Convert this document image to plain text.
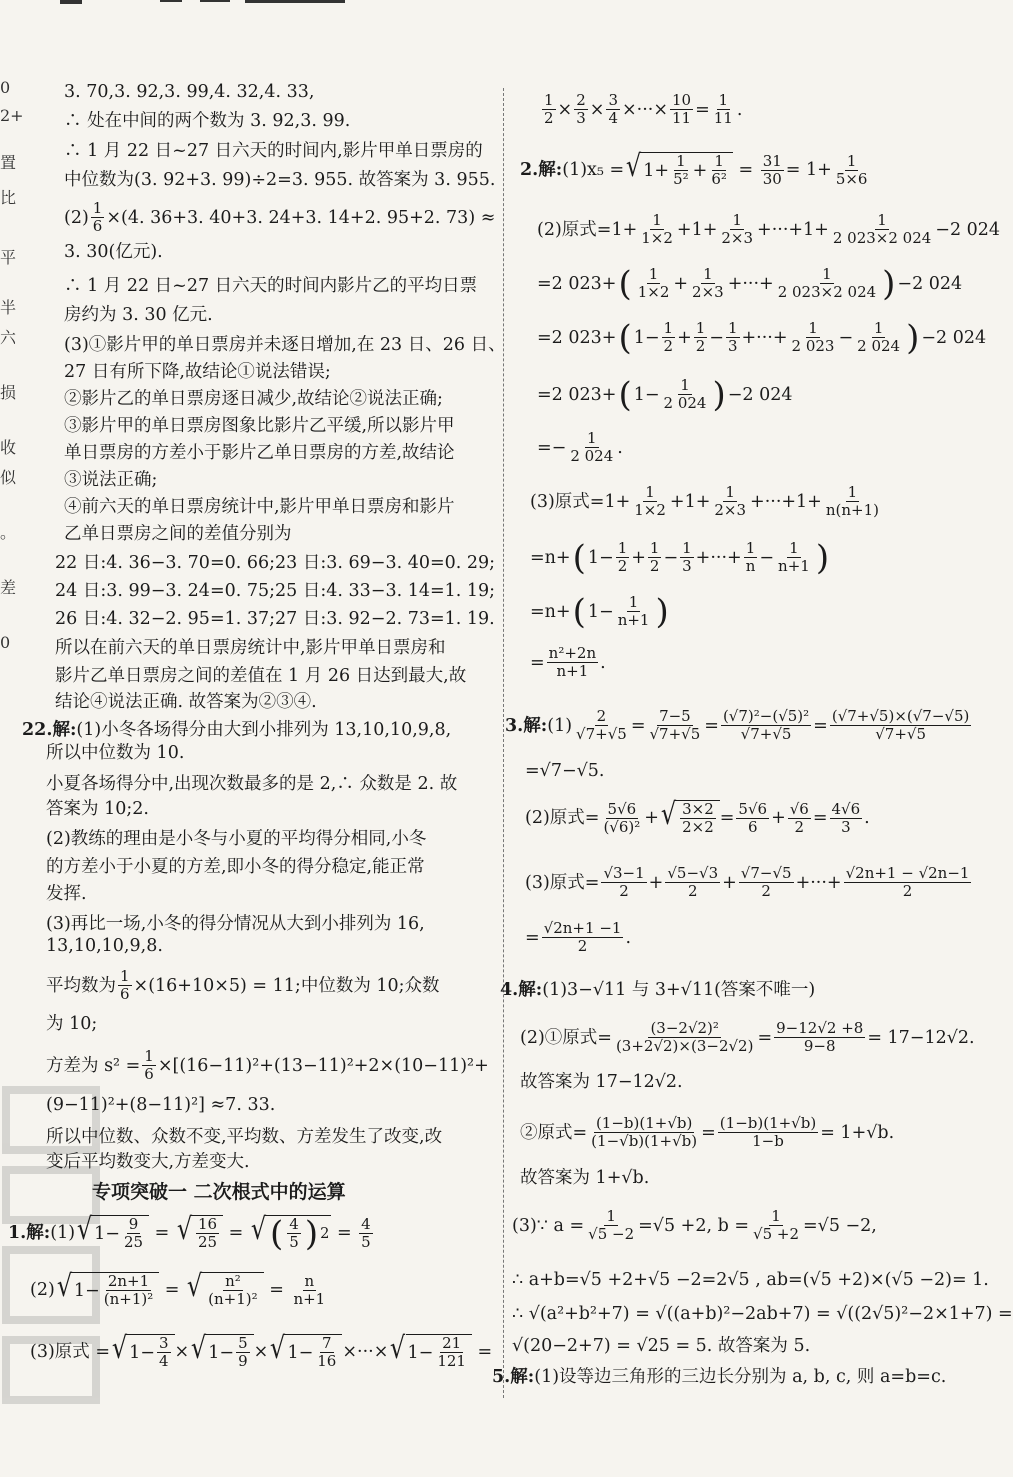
0
2+
置
比
平
半
六
损
收
似
。
差
0
3. 70,3. 92,3. 99,4. 32,4. 33,
∴ 处在中间的两个数为 3. 92,3. 99.
∴ 1 月 22 日~27 日六天的时间内,影片甲单日票房的
中位数为(3. 92+3. 99)÷2=3. 955. 故答案为 3. 955.
$(2) \frac{1}{6} \times(4$. 36+3. 40+3. 24+3. 14+2. 95+2. 73) ≈
3. 30(亿元).
∴ 1 月 22 日~27 日六天的时间内影片乙的平均日票
房约为 3. 30 亿元.
(3)①影片甲的单日票房并未逐日增加,在 23 日、26 日、
27 日有所下降,故结论①说法错误;
②影片乙的单日票房逐日减少,故结论②说法正确;
③影片甲的单日票房图象比影片乙平缓,所以影片甲
单日票房的方差小于影片乙单日票房的方差,故结论
③说法正确;
④前六天的单日票房统计中,影片甲单日票房和影片
乙单日票房之间的差值分别为
22 日:4. 36−3. 70=0. 66;23 日:3. 69−3. 40=0. 29;
24 日:3. 99−3. 24=0. 75;25 日:4. 33−3. 14=1. 19;
26 日:4. 32−2. 95=1. 37;27 日:3. 92−2. 73=1. 19.
所以在前六天的单日票房统计中,影片甲单日票房和
影片乙单日票房之间的差值在 1 月 26 日达到最大,故
结论④说法正确. 故答案为②③④.
22. 解: (1)小冬各场得分由大到小排列为 13,10,10,9,8,
所以中位数为 10.
小夏各场得分中,出现次数最多的是 2,∴ 众数是 2. 故
答案为 10;2.
(2)教练的理由是小冬与小夏的平均得分相同,小冬
的方差小于小夏的方差,即小冬的得分稳定,能正常
发挥.
(3)再比一场,小冬的得分情况从大到小排列为 16,
13,10,10,9,8.
平均数为 $\frac{1}{6} \times(16+10\times 5) = 11$;中位数为 10;众数
为 10;
方差为 $s^2 = \frac{1}{6} \times[(16-11)^2+(13-11)^2+2\times(10-11)^2+$
(9−11)²+(8−11)²] ≈7. 33.
所以中位数、众数不变,平均数、方差发生了改变,改
变后平均数变大,方差变大.
专项突破一 二次根式中的运算
1. 解: (1) √ $1- \frac{9}{25}$ = √ $\frac{16}{25}$ = √ ( $\frac{4}{5}$ ) $2 = \frac{4}{5}$
(2) √ $1- \frac{2n+1}{\text{(n+1)²}}$ = √ $\frac{\text{n²}}{\text{(n+1)²}} = \frac{n}{n+1}$
(3)原式 = √ $1- \frac{3}{4}$ × √ $1- \frac{5}{9}$ × √ $1- \frac{7}{16}$ ×···× √ $1- \frac{21}{121}$ =
$\frac{1}{2} \times \frac{2}{3} \times \frac{3}{4}$ ×···× $\frac{10}{11} = \frac{1}{11}$ .
2. 解: (1)x₅ = √ $1+ \frac{1}{\text{5²}} + \frac{1}{\text{6²}} = \frac{31}{30} = 1+ \frac{1}{5\times 6}$
(2)原式$=1+ \frac{1}{1\times 2} +1+ \frac{1}{2\times 3} +\cdot\cdot\cdot+1+ \frac{1}{2 023\times 2 024} -2$ 024
=2 023+ ( $\frac{1}{1\times 2} + \frac{1}{2\times 3}$ +···+ $\frac{1}{2 023\times 2 024}$ ) −2 024
=2 023+ ( $1- \frac{1}{2} + \frac{1}{2} - \frac{1}{3}$ +···+ $\frac{1}{2 023} - \frac{1}{2 024}$ ) −2 024
=2 023+ ( $1- \frac{1}{2 024}$ ) −2 024
=− $\frac{1}{2 024}$ .
(3)原式$=1+ \frac{1}{1\times 2} +1+ \frac{1}{2\times 3} +\cdot\cdot\cdot+1+ \frac{1}{n(n+1)}$
=n+ ( $1- \frac{1}{2} + \frac{1}{2} - \frac{1}{3}$ +···+ $\frac{1}{n} - \frac{1}{n+1}$ )
=n+ ( $1- \frac{1}{n+1}$ )
= $\frac{\text{n²+2n}}{n+1}$ .
3. 解: $(1) \frac{2}{√7+√5} = \frac{7-5}{√7+√5} = \frac{\text{(√7)²−(√5)²}}{√7+√5} = \frac{(√7+√5)\times(√7-√5)}{√7+√5}$
=√7−√5.
(2)原式= $\frac{5√6}{\text{(√6)²}}$ + √ $\frac{3\times 2}{2\times 2} = \frac{5√6}{6} + \frac{√6}{2} = \frac{4√6}{3}$ .
(3)原式= $\frac{√3-1}{2} + \frac{√5-√3}{2} + \frac{√7-√5}{2}$ +···+ $\frac{√2n+1 - √2n-1}{2}$
= $\frac{√2n+1 -1}{2}$ .
4. 解: (1)3−√11 与 3+√11(答案不唯一)
(2)①原式= $\frac{\text{(3−2√2)²}}{(3+2√2)\times(3-2√2)} = \frac{9-12√2 +8}{9-8} = 17-12√2$.
故答案为 17−12√2.
②原式= $\frac{(1-b)(1+√b)}{(1-√b)(1+√b)} = \frac{(1-b)(1+√b)}{1-b} = 1+√b$.
故答案为 1+√b.
(3)∵ $a = \frac{1}{√5 -2} =√5 +2$, $b = \frac{1}{√5 +2} =√5 -2$,
∴ a+b=√5 +2+√5 −2=2√5 , ab=(√5 +2)×(√5 −2)= 1.
∴ √(a²+b²+7) = √((a+b)²−2ab+7) = √((2√5)²−2×1+7) =
√(20−2+7) = √25 = 5. 故答案为 5.
5. 解: (1)设等边三角形的三边长分别为 a, b, c, 则 a=b=c.
